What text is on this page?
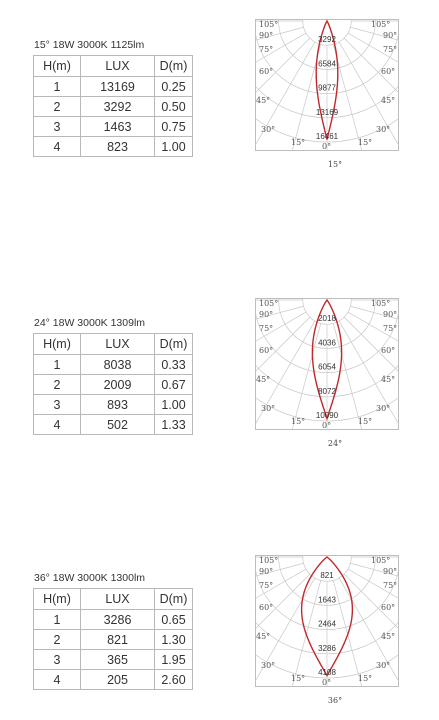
15° 18W 3000K 1125lm
H(m)	LUX	D(m)
1	13169	0.25
2	3292	0.50
3	1463	0.75
4	823	1.00
3292
6584
9877
13169
16461
105°
90°
75°
60°
45°
30°
15° 0°	15°
30°
45°
60°
75°
90°
105°
15°
24° 18W 3000K 1309lm
H(m)	LUX	D(m)
1	8038	0.33
2	2009	0.67
3	893	1.00
4	502	1.33
2018
4036
6054
8072
10090
105°
90°
75°
60°
45°
30°
15° 0°	15°
30°
45°
60°
75°
90°
105°
24°
36° 18W 3000K 1300lm
H(m)	LUX	D(m)
1	3286	0.65
2	821	1.30
3	365	1.95
4	205	2.60
821
1643
2464
3286
4108
105°
90°
75°
60°
45°
30°
15° 0°	15°
30°
45°
60°
75°
90°
105°
36°
